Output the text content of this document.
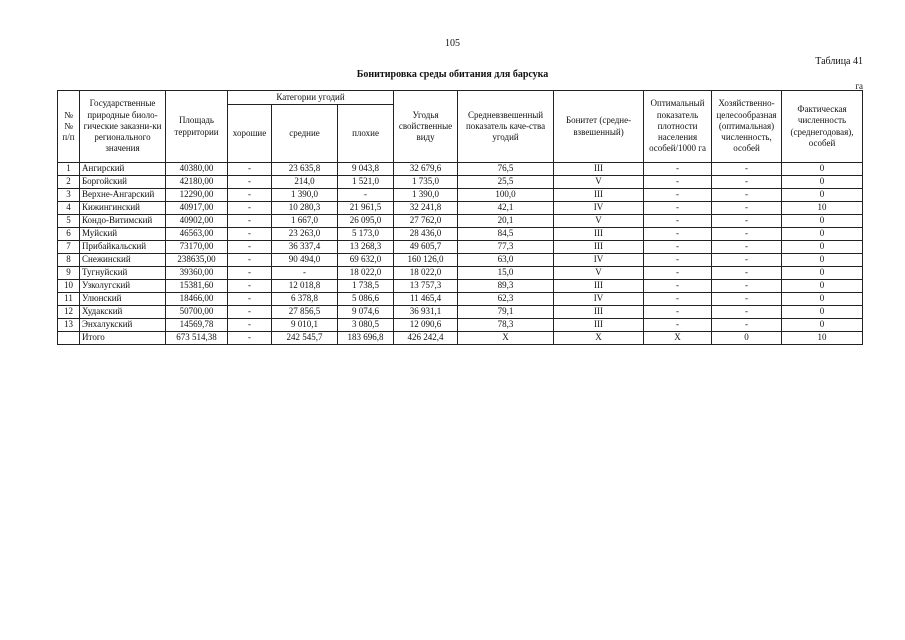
105
Таблица 41
Бонитировка среды обитания для барсука
га
№№ п/п	Государственные природные биоло-гические заказни-ки регионального значения	Площадь территории	Категории угодий			Угодья свойственные виду	Средневзвешенный показатель каче-ства угодий	Бонитет (средне-взвешенный)	Оптимальный показатель плотности населения особей/1000 га	Хозяйственно-целесообразная (оптимальная) численность, особей	Фактическая численность (среднегодовая), особей
			хорошие	средние	плохие						
1	Ангирский	40380,00	-	23 635,8	9 043,8	32 679,6	76,5	III	-	-	0
2	Боргойский	42180,00	-	214,0	1 521,0	1 735,0	25,5	V	-	-	0
3	Верхне-Ангарский	12290,00	-	1 390,0	-	1 390,0	100,0	III	-	-	0
4	Кижингинский	40917,00	-	10 280,3	21 961,5	32 241,8	42,1	IV	-	-	10
5	Кондо-Витимский	40902,00	-	1 667,0	26 095,0	27 762,0	20,1	V	-	-	0
6	Муйский	46563,00	-	23 263,0	5 173,0	28 436,0	84,5	III	-	-	0
7	Прибайкальский	73170,00	-	36 337,4	13 268,3	49 605,7	77,3	III	-	-	0
8	Снежинский	238635,00	-	90 494,0	69 632,0	160 126,0	63,0	IV	-	-	0
9	Тугнуйский	39360,00	-	-	18 022,0	18 022,0	15,0	V	-	-	0
10	Узколугский	15381,60	-	12 018,8	1 738,5	13 757,3	89,3	III	-	-	0
11	Улюнский	18466,00	-	6 378,8	5 086,6	11 465,4	62,3	IV	-	-	0
12	Худакский	50700,00	-	27 856,5	9 074,6	36 931,1	79,1	III	-	-	0
13	Энхалукский	14569,78	-	9 010,1	3 080,5	12 090,6	78,3	III	-	-	0
	Итого	673 514,38	-	242 545,7	183 696,8	426 242,4	Х	Х	Х	0	10
